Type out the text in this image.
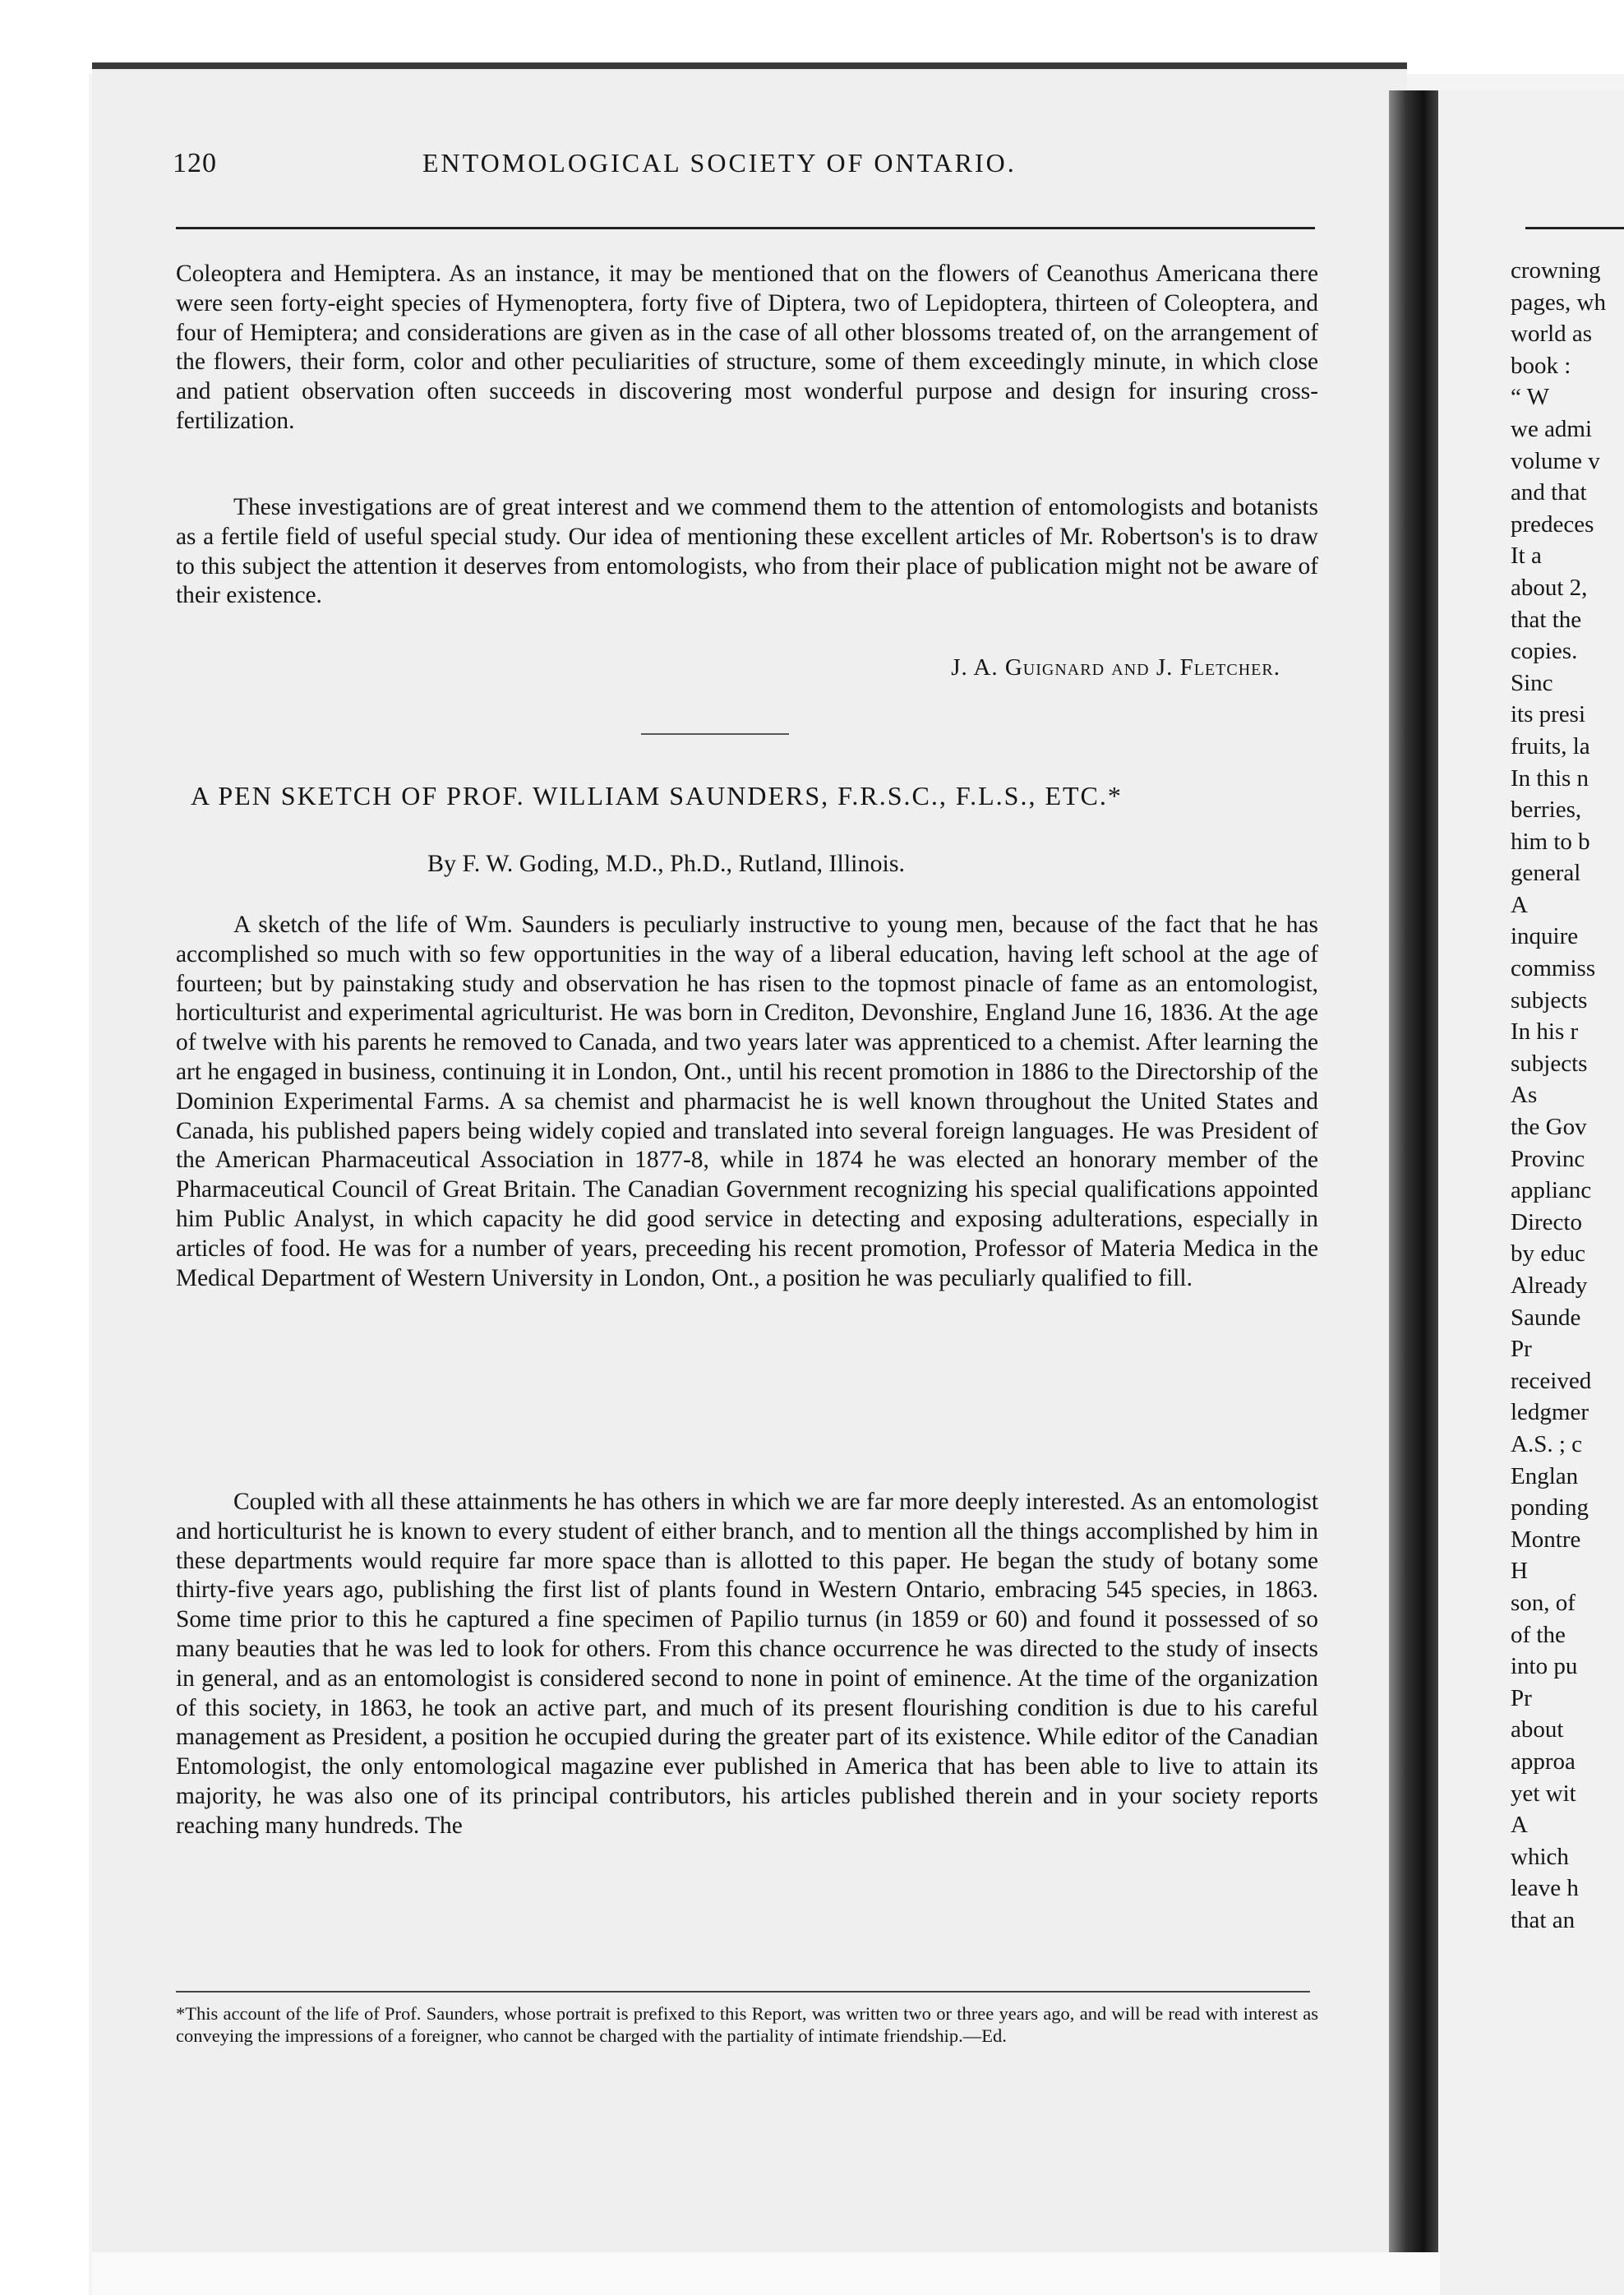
120	ENTOMOLOGICAL SOCIETY OF ONTARIO.

Coleoptera and Hemiptera. As an instance, it may be mentioned that on the flowers of Ceanothus Americana there were seen forty-eight species of Hymenoptera, forty five of Diptera, two of Lepidoptera, thirteen of Coleoptera, and four of Hemiptera; and considerations are given as in the case of all other blossoms treated of, on the arrangement of the flowers, their form, color and other peculiarities of structure, some of them exceedingly minute, in which close and patient observation often succeeds in discovering most wonderful purpose and design for insuring cross-fertilization.

These investigations are of great interest and we commend them to the attention of entomologists and botanists as a fertile field of useful special study. Our idea of mentioning these excellent articles of Mr. Robertson's is to draw to this subject the attention it deserves from entomologists, who from their place of publication might not be aware of their existence.

J. A. Guignard and J. Fletcher.
A PEN SKETCH OF PROF. WILLIAM SAUNDERS, F.R.S.C., F.L.S., ETC.*
By F. W. Goding, M.D., Ph.D., Rutland, Illinois.

A sketch of the life of Wm. Saunders is peculiarly instructive to young men, because of the fact that he has accomplished so much with so few opportunities in the way of a liberal education, having left school at the age of fourteen; but by painstaking study and observation he has risen to the topmost pinacle of fame as an entomologist, horticulturist and experimental agriculturist. He was born in Crediton, Devonshire, England June 16, 1836. At the age of twelve with his parents he removed to Canada, and two years later was apprenticed to a chemist. After learning the art he engaged in business, continuing it in London, Ont., until his recent promotion in 1886 to the Directorship of the Dominion Experimental Farms. A sa chemist and pharmacist he is well known throughout the United States and Canada, his published papers being widely copied and translated into several foreign languages. He was President of the American Pharmaceutical Association in 1877-8, while in 1874 he was elected an honorary member of the Pharmaceutical Council of Great Britain. The Canadian Government recognizing his special qualifications appointed him Public Analyst, in which capacity he did good service in detecting and exposing adulterations, especially in articles of food. He was for a number of years, preceeding his recent promotion, Professor of Materia Medica in the Medical Department of Western University in London, Ont., a position he was peculiarly qualified to fill.

Coupled with all these attainments he has others in which we are far more deeply interested. As an entomologist and horticulturist he is known to every student of either branch, and to mention all the things accomplished by him in these departments would require far more space than is allotted to this paper. He began the study of botany some thirty-five years ago, publishing the first list of plants found in Western Ontario, embracing 545 species, in 1863. Some time prior to this he captured a fine specimen of Papilio turnus (in 1859 or 60) and found it possessed of so many beauties that he was led to look for others. From this chance occurrence he was directed to the study of insects in general, and as an entomologist is considered second to none in point of eminence. At the time of the organization of this society, in 1863, he took an active part, and much of its present flourishing condition is due to his careful management as President, a position he occupied during the greater part of its existence. While editor of the Canadian Entomologist, the only entomological magazine ever published in America that has been able to live to attain its majority, he was also one of its principal contributors, his articles published therein and in your society reports reaching many hundreds. The

*This account of the life of Prof. Saunders, whose portrait is prefixed to this Report, was written two or three years ago, and will be read with interest as conveying the impressions of a foreigner, who cannot be charged with the partiality of intimate friendship.—Ed.
crowning
pages, wh
world as
book :
“ W
we admi
volume v
and that
predeces
It a
about 2,
that the
copies.
Sinc
its presi
fruits, la
In this n
berries,
him to b
general
A
inquire
commiss
subjects
In his r
subjects
As
the Gov
Provinc
applianc
Directo
by educ
Already
Saunde
Pr
received
ledgmer
A.S. ; c
Englan
ponding
Montre
H
son, of
of the
into pu
Pr
about
approa
yet wit
A
which
leave h
that an
